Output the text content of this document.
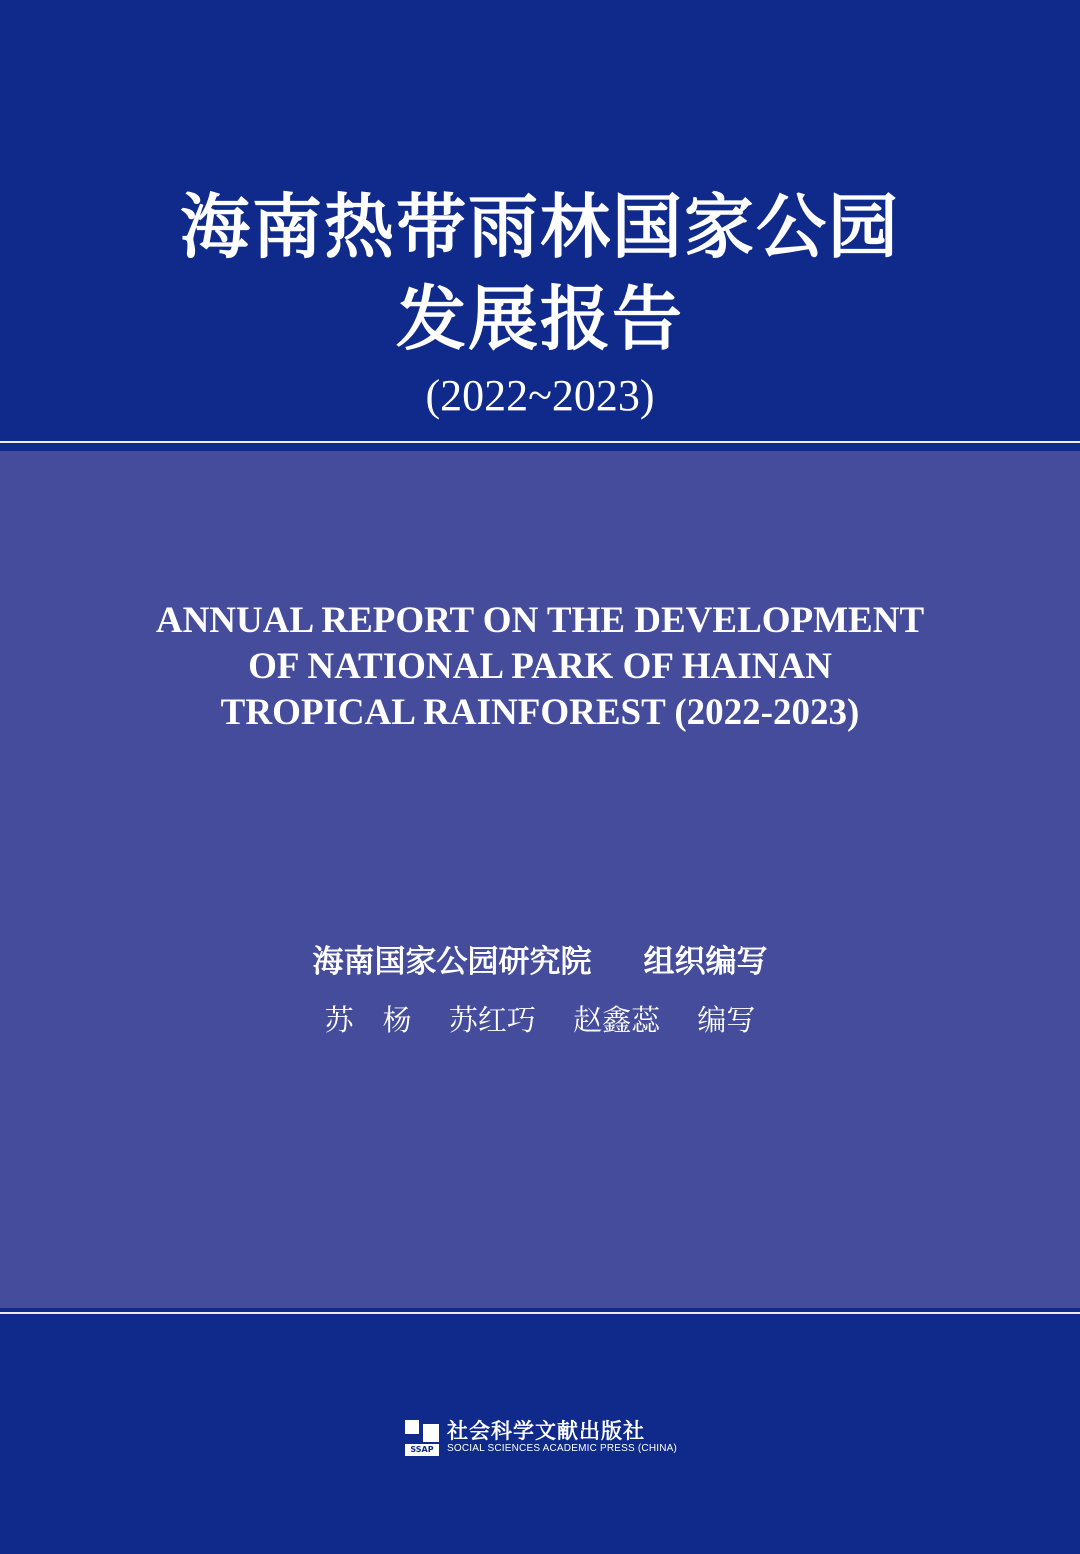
海南热带雨林国家公园
发展报告
(2022~2023)
ANNUAL REPORT ON THE DEVELOPMENT
OF NATIONAL PARK OF HAINAN
TROPICAL RAINFOREST (2022-2023)
海南国家公园研究院 组织编写
苏　杨 苏红巧 赵鑫蕊 编写
SSAP
社会科学文献出版社
SOCIAL SCIENCES ACADEMIC PRESS (CHINA)
